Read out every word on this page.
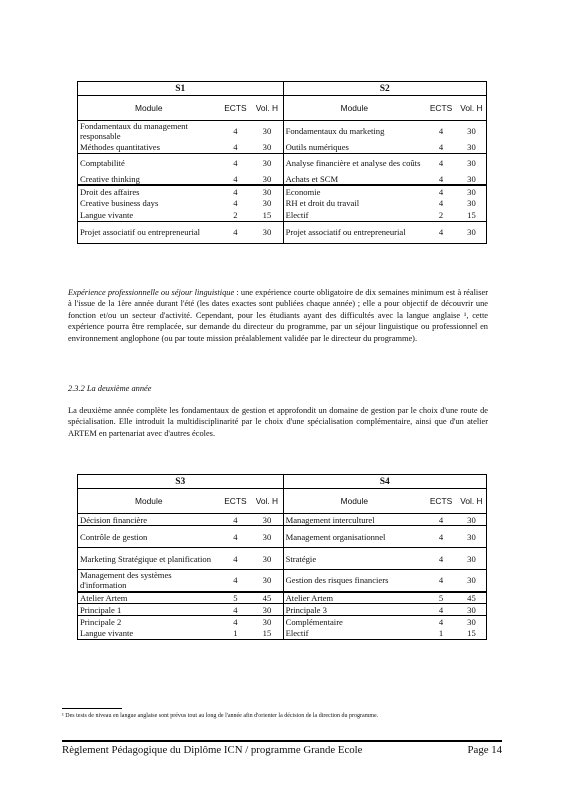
S1			S2		
Module	ECTS	Vol. H	Module	ECTS	Vol. H
Fondamentaux du management responsable	4	30	Fondamentaux du marketing	4	30
Méthodes quantitatives	4	30	Outils numériques	4	30
Comptabilité	4	30	Analyse financière et analyse des coûts	4	30
Creative thinking	4	30	Achats et SCM	4	30
Droit des affaires	4	30	Economie	4	30
Creative business days	4	30	RH et droit du travail	4	30
Langue vivante	2	15	Electif	2	15
Projet associatif ou entrepreneurial	4	30	Projet associatif ou entrepreneurial	4	30

Expérience professionnelle ou séjour linguistique : une expérience courte obligatoire de dix semaines minimum est à réaliser à l'issue de la 1ère année durant l'été (les dates exactes sont publiées chaque année) ; elle a pour objectif de découvrir une fonction et/ou un secteur d'activité. Cependant, pour les étudiants ayant des difficultés avec la langue anglaise ¹, cette expérience pourra être remplacée, sur demande du directeur du programme, par un séjour linguistique ou professionnel en environnement anglophone (ou par toute mission préalablement validée par le directeur du programme).

2.3.2 La deuxième année

La deuxième année complète les fondamentaux de gestion et approfondit un domaine de gestion par le choix d'une route de spécialisation. Elle introduit la multidisciplinarité par le choix d'une spécialisation complémentaire, ainsi que d'un atelier ARTEM en partenariat avec d'autres écoles.

S3			S4		
Module	ECTS	Vol. H	Module	ECTS	Vol. H
Décision financière	4	30	Management interculturel	4	30
Contrôle de gestion	4	30	Management organisationnel	4	30
Marketing Stratégique et planification	4	30	Stratégie	4	30
Management des systèmes d'information	4	30	Gestion des risques financiers	4	30
Atelier Artem	5	45	Atelier Artem	5	45
Principale 1	4	30	Principale 3	4	30
Principale 2	4	30	Complémentaire	4	30
Langue vivante	1	15	Electif	1	15
¹ Des tests de niveau en langue anglaise sont prévus tout au long de l'année afin d'orienter la décision de la direction du programme.
Règlement Pédagogique du Diplôme ICN / programme Grande Ecole	Page 14
